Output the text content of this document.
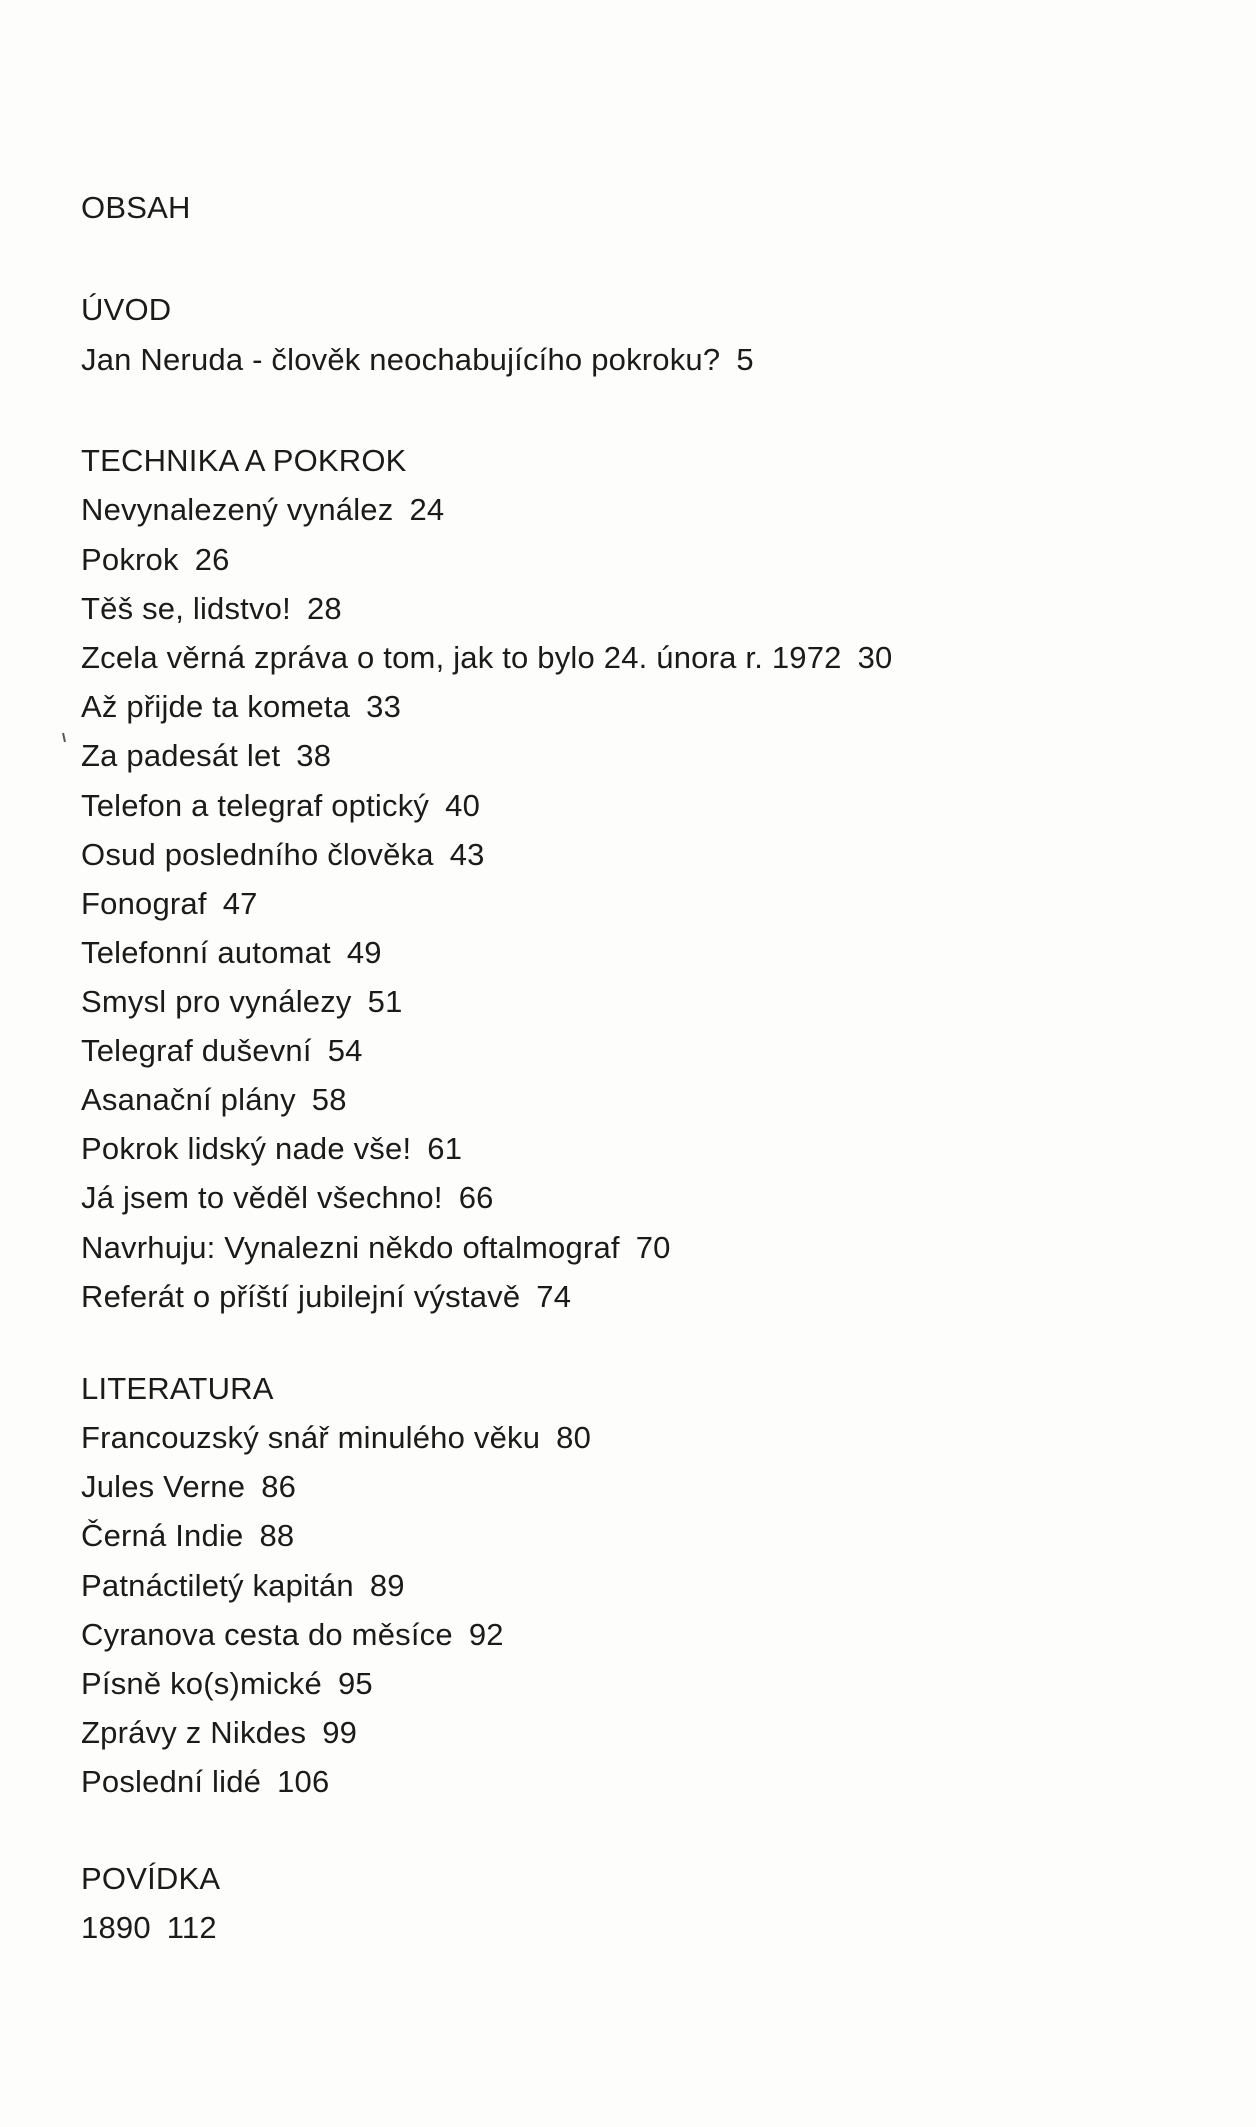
OBSAH
ÚVOD
Jan Neruda - člověk neochabujícího pokroku? 5
TECHNIKA A POKROK
Nevynalezený vynález 24
Pokrok 26
Těš se, lidstvo! 28
Zcela věrná zpráva o tom, jak to bylo 24. února r. 1972 30
Až přijde ta kometa 33
Za padesát let 38
Telefon a telegraf optický 40
Osud posledního člověka 43
Fonograf 47
Telefonní automat 49
Smysl pro vynálezy 51
Telegraf duševní 54
Asanační plány 58
Pokrok lidský nade vše! 61
Já jsem to věděl všechno! 66
Navrhuju: Vynalezni někdo oftalmograf 70
Referát o příští jubilejní výstavě 74
LITERATURA
Francouzský snář minulého věku 80
Jules Verne 86
Černá Indie 88
Patnáctiletý kapitán 89
Cyranova cesta do měsíce 92
Písně ko(s)mické 95
Zprávy z Nikdes 99
Poslední lidé 106
POVÍDKA
1890 112
